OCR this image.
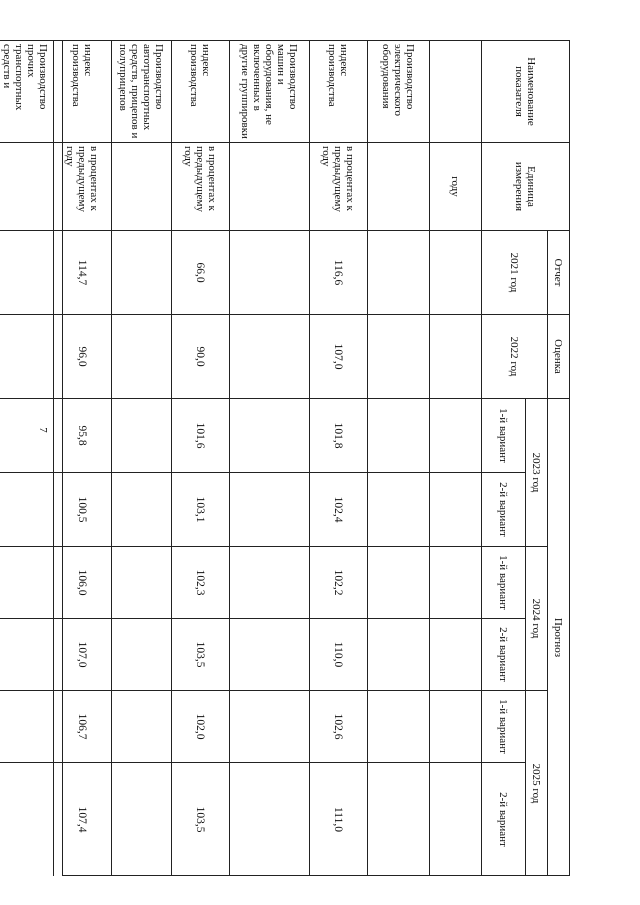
7
Наименование показателя
Единица измерения
Отчет
Оценка
Прогноз
2021 год
2022 год
2023 год
2024 год
2025 год
1-й вариант
2-й вариант
1-й вариант
2-й вариант
1-й вариант
2-й вариант
году
Производство электрического оборудования
индекс производства
в процентах к предыдущему году
116,6
107,0
101,8
102,4
102,2
110,0
102,6
111,0
Производство машин и оборудования, не включенных в другие группировки
индекс производства
в процентах к предыдущему году
66,0
90,0
101,6
103,1
102,3
103,5
102,0
103,5
Производство автотранспортных средств, прицепов и полуприцепов
индекс производства
в процентах к предыдущему году
114,7
96,0
95,8
100,5
106,0
107,0
106,7
107,4
Производство прочих транспортных средств и
